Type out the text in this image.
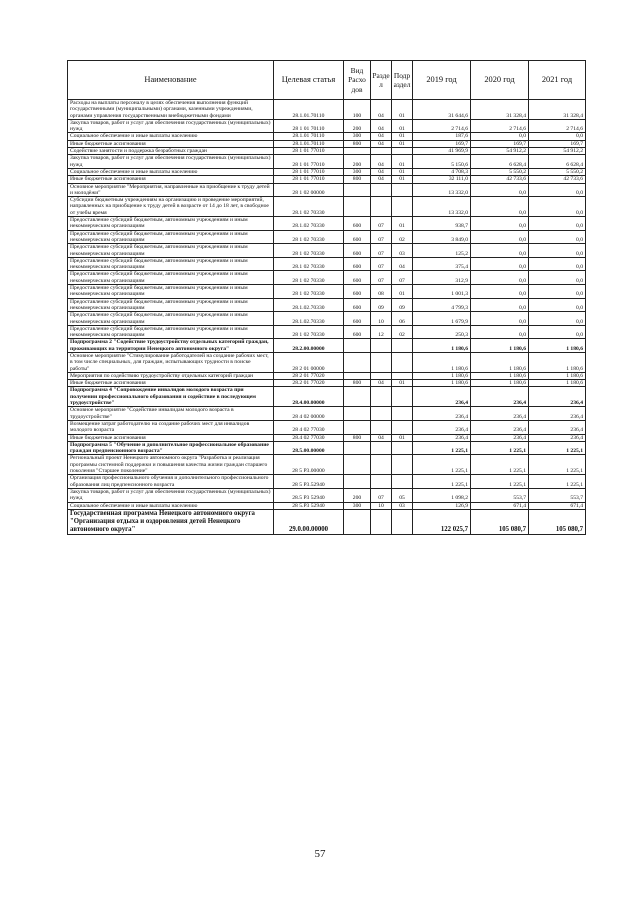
Наименование	Целевая статья	Вид Расхо дов	Разде л	Подр аздел	2019 год	2020 год	2021 год
Расходы на выплаты персоналу в целях обеспечения выполнения функций государственными (муниципальными) органами, казенными учреждениями, органами управления государственными внебюджетными фондами	28.1.01.70110	100	04	01	31 644,6	31 328,4	31 328,4
Закупка товаров, работ и услуг для обеспечения государственных (муниципальных) нужд	28 1 01 70110	200	04	01	2 714,6	2 714,6	2 714,6
Социальное обеспечение и иные выплаты населению	28.1.01 70110	300	04	01	187,6	0,0	0,0
Иные бюджетные ассигнования	28.1.01.70110	800	04	01	169,7	169,7	169,7
Содействие занятости и поддержка безработных граждан	28 1 01 77010				41 969,9	54 912,2	54 912,2
Закупка товаров, работ и услуг для обеспечения государственных (муниципальных) нужд	28 1 01 77010	200	04	01	5 150,6	6 628,4	6 628,4
Социальное обеспечение и иные выплаты населению	28 1 01 77010	300	04	01	4 708,3	5 550,2	5 550,2
Иные бюджетные ассигнования	28 1 01 77010	800	04	01	32 111,0	42 733,6	42 733,6
Основное мероприятие "Мероприятия, направленные на приобщение к труду детей и молодёжи"	28 1 02 00000				13 332,0	0,0	0,0
Субсидии бюджетным учреждениям на организацию и проведение мероприятий, направленных на приобщение к труду детей в возрасте от 14 до 18 лет, в свободное от учебы время	28.1 02 70330				13 332,0	0,0	0,0
Предоставление субсидий бюджетным, автономным учреждениям и иным некоммерческим организациям	28.1.02 70330	600	07	01	938,7	0,0	0,0
Предоставление субсидий бюджетным, автономным учреждениям и иным некоммерческим организациям	28 1 02 70330	600	07	02	3 849,0	0,0	0,0
Предоставление субсидий бюджетным, автономным учреждениям и иным некоммерческим организациям	28 1 02 70330	600	07	03	125,2	0,0	0,0
Предоставление субсидий бюджетным, автономным учреждениям и иным некоммерческим организациям	28.1 02 70330	600	07	04	375,4	0,0	0,0
Предоставление субсидий бюджетным, автономным учреждениям и иным некоммерческим организациям	28 1 02 70330	600	07	07	312,9	0,0	0,0
Предоставление субсидий бюджетным, автономным учреждениям и иным некоммерческим организациям	28 1 02 70330	600	08	01	1 001,3	0,0	0,0
Предоставление субсидий бюджетным, автономным учреждениям и иным некоммерческим организациям	28.1.02.70330	600	09	09	4 799,3	0,0	0,0
Предоставление субсидий бюджетным, автономным учреждениям и иным некоммерческим организациям	28.1.02.70330	600	10	06	1 679,9	0,0	0,0
Предоставление субсидий бюджетным, автономным учреждениям и иным некоммерческим организациям	28 1 02 70330	600	12	02	250,3	0,0	0,0
Подпрограмма 2 "Содействие трудоустройству отдельных категорий граждан, проживающих на территории Ненецкого автономного округа"	28.2.00.00000				1 180,6	1 180,6	1 180,6
Основное мероприятие "Стимулирование работодателей на создание рабочих мест, в том числе специальных, для граждан, испытывающих трудности в поиске работы"	28 2 01 00000				1 180,6	1 180,6	1 180,6
Мероприятия по содействию трудоустройству отдельных категорий граждан	28 2 01 77020				1 180,6	1 180,6	1 180,6
Иные бюджетные ассигнования	28.2 01 77020	800	04	01	1 180,6	1 180,6	1 180,6
Подпрограмма 4 "Сопровождение инвалидов молодого возраста при получении профессионального образования и содействие в последующем трудоустройстве"	28.4.00.00000				236,4	236,4	236,4
Основное мероприятие "Содействие инвалидам молодого возраста в трудоустройстве"	28 4 02 00000				236,4	236,4	236,4
Возмещение затрат работодателю на создание рабочих мест для инвалидов молодого возраста	28 4 02 77030				236,4	236,4	236,4
Иные бюджетные ассигнования	28.4 02 77030	800	04	01	236,4	236,4	236,4
Подпрограмма 5 "Обучение и дополнительное профессиональное образование граждан предпенсионного возраста"	28.5.00.00000				1 225,1	1 225,1	1 225,1
Региональный проект Ненецкого автономного округа "Разработка и реализация программы системной поддержки и повышения качества жизни граждан старшего поколения "Старшее поколение"	28 5 Р3.00000				1 225,1	1 225,1	1 225,1
Организация профессионального обучения и дополнительного профессионального образования лиц предпенсионного возраста	28 5 Р3.52940				1 225,1	1 225,1	1 225,1
Закупка товаров, работ и услуг для обеспечения государственных (муниципальных) нужд	28.5 Р3 52940	200	07	05	1 098,2	553,7	553,7
Социальное обеспечение и иные выплаты населению	28 5.Р3 52940	300	10	03	126,9	671,4	671,4
Государственная программа Ненецкого автономного округа "Организация отдыха и оздоровления детей Ненецкого автономного округа"	29.0.00.00000				122 025,7	105 080,7	105 080,7
57
